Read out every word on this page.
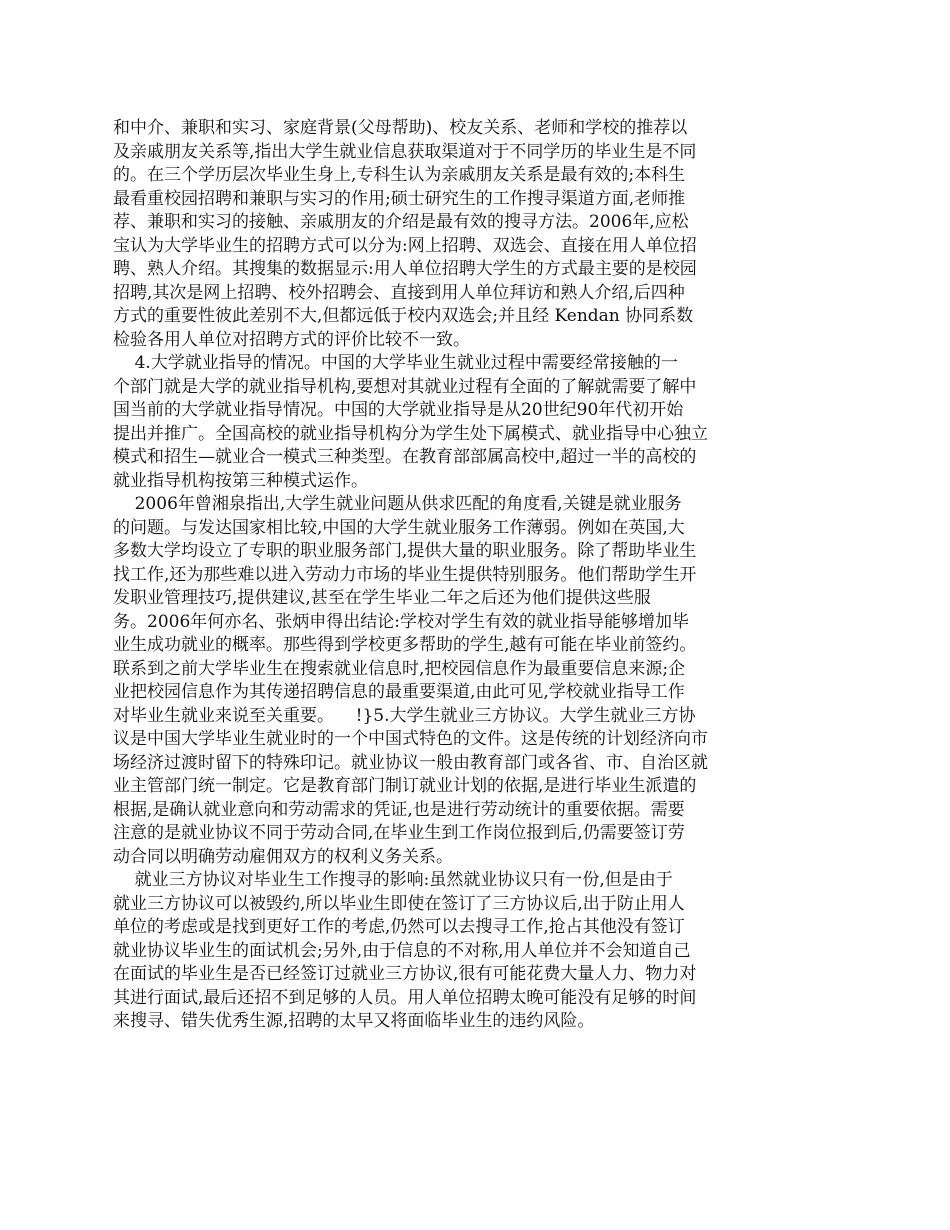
和中介、兼职和实习、家庭背景(父母帮助)、校友关系、老师和学校的推荐以
及亲戚朋友关系等,指出大学生就业信息获取渠道对于不同学历的毕业生是不同
的。在三个学历层次毕业生身上,专科生认为亲戚朋友关系是最有效的;本科生
最看重校园招聘和兼职与实习的作用;硕士研究生的工作搜寻渠道方面,老师推
荐、兼职和实习的接触、亲戚朋友的介绍是最有效的搜寻方法。2006年,应松
宝认为大学毕业生的招聘方式可以分为:网上招聘、双选会、直接在用人单位招
聘、熟人介绍。其搜集的数据显示:用人单位招聘大学生的方式最主要的是校园
招聘,其次是网上招聘、校外招聘会、直接到用人单位拜访和熟人介绍,后四种
方式的重要性彼此差别不大,但都远低于校内双选会;并且经 Kendan 协同系数
检验各用人单位对招聘方式的评价比较不一致。
4.大学就业指导的情况。中国的大学毕业生就业过程中需要经常接触的一
个部门就是大学的就业指导机构,要想对其就业过程有全面的了解就需要了解中
国当前的大学就业指导情况。中国的大学就业指导是从20世纪90年代初开始
提出并推广。全国高校的就业指导机构分为学生处下属模式、就业指导中心独立
模式和招生—就业合一模式三种类型。在教育部部属高校中,超过一半的高校的
就业指导机构按第三种模式运作。
2006年曾湘泉指出,大学生就业问题从供求匹配的角度看,关键是就业服务
的问题。与发达国家相比较,中国的大学生就业服务工作薄弱。例如在英国,大
多数大学均设立了专职的职业服务部门,提供大量的职业服务。除了帮助毕业生
找工作,还为那些难以进入劳动力市场的毕业生提供特别服务。他们帮助学生开
发职业管理技巧,提供建议,甚至在学生毕业二年之后还为他们提供这些服
务。2006年何亦名、张炳申得出结论:学校对学生有效的就业指导能够增加毕
业生成功就业的概率。那些得到学校更多帮助的学生,越有可能在毕业前签约。
联系到之前大学毕业生在搜索就业信息时,把校园信息作为最重要信息来源;企
业把校园信息作为其传递招聘信息的最重要渠道,由此可见,学校就业指导工作
对毕业生就业来说至关重要。    !}5.大学生就业三方协议。大学生就业三方协
议是中国大学毕业生就业时的一个中国式特色的文件。这是传统的计划经济向市
场经济过渡时留下的特殊印记。就业协议一般由教育部门或各省、市、自治区就
业主管部门统一制定。它是教育部门制订就业计划的依据,是进行毕业生派遣的
根据,是确认就业意向和劳动需求的凭证,也是进行劳动统计的重要依据。需要
注意的是就业协议不同于劳动合同,在毕业生到工作岗位报到后,仍需要签订劳
动合同以明确劳动雇佣双方的权利义务关系。
就业三方协议对毕业生工作搜寻的影响:虽然就业协议只有一份,但是由于
就业三方协议可以被毁约,所以毕业生即使在签订了三方协议后,出于防止用人
单位的考虑或是找到更好工作的考虑,仍然可以去搜寻工作,抢占其他没有签订
就业协议毕业生的面试机会;另外,由于信息的不对称,用人单位并不会知道自己
在面试的毕业生是否已经签订过就业三方协议,很有可能花费大量人力、物力对
其进行面试,最后还招不到足够的人员。用人单位招聘太晚可能没有足够的时间
来搜寻、错失优秀生源,招聘的太早又将面临毕业生的违约风险。
